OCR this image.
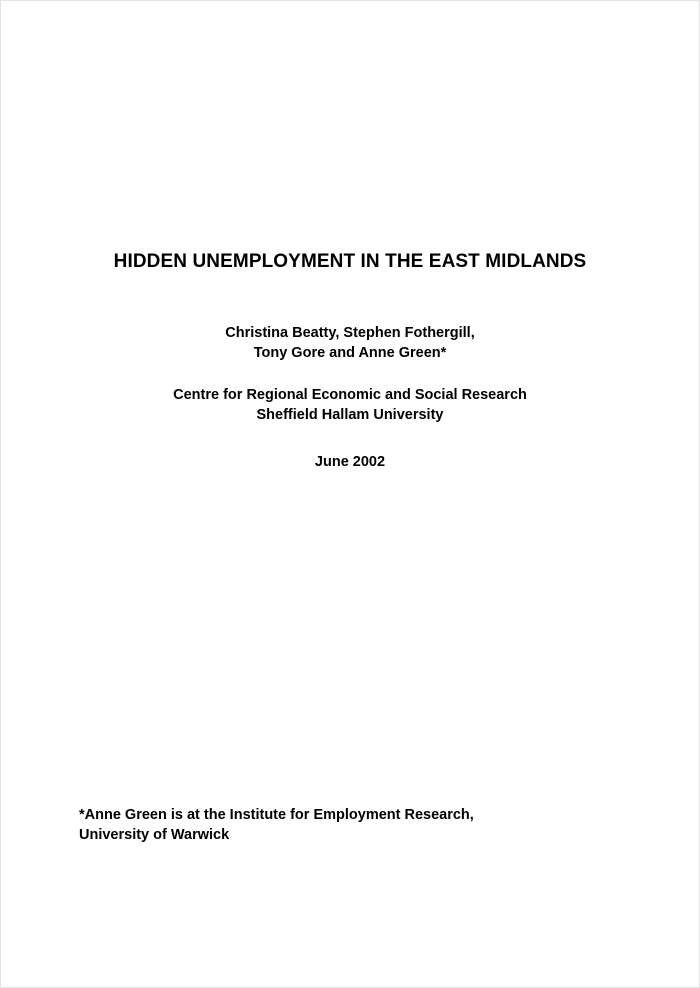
HIDDEN UNEMPLOYMENT IN THE EAST MIDLANDS
Christina Beatty, Stephen Fothergill,
Tony Gore and Anne Green*
Centre for Regional Economic and Social Research
Sheffield Hallam University
June 2002
*Anne Green is at the Institute for Employment Research,
University of Warwick
